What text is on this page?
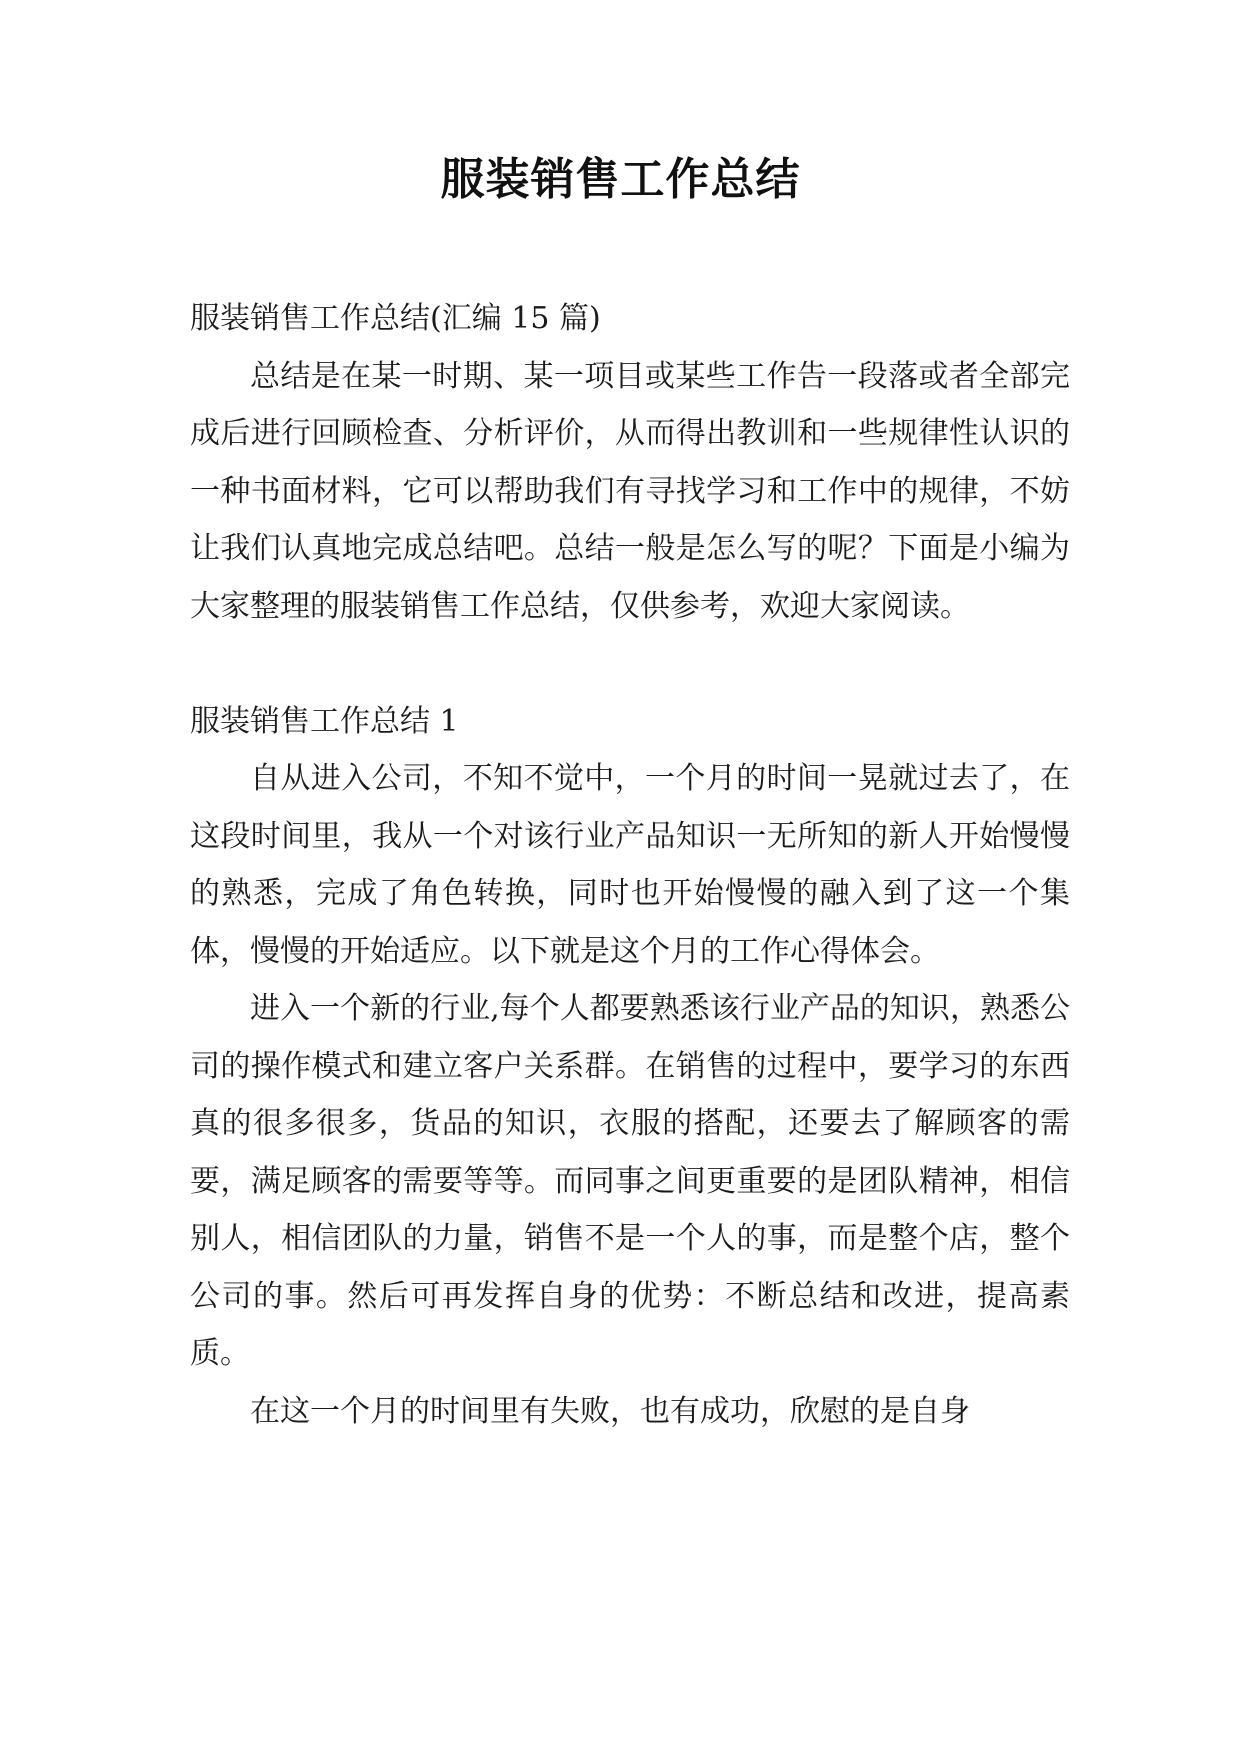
服装销售工作总结

服装销售工作总结(汇编 15 篇)

总结是在某一时期、某一项目或某些工作告一段落或者全部完成后进行回顾检查、分析评价，从而得出教训和一些规律性认识的一种书面材料，它可以帮助我们有寻找学习和工作中的规律，不妨让我们认真地完成总结吧。总结一般是怎么写的呢？下面是小编为大家整理的服装销售工作总结，仅供参考，欢迎大家阅读。

服装销售工作总结 1

自从进入公司，不知不觉中，一个月的时间一晃就过去了，在这段时间里，我从一个对该行业产品知识一无所知的新人开始慢慢的熟悉，完成了角色转换，同时也开始慢慢的融入到了这一个集体，慢慢的开始适应。以下就是这个月的工作心得体会。

进入一个新的行业,每个人都要熟悉该行业产品的知识，熟悉公司的操作模式和建立客户关系群。在销售的过程中，要学习的东西真的很多很多，货品的知识，衣服的搭配，还要去了解顾客的需要，满足顾客的需要等等。而同事之间更重要的是团队精神，相信别人，相信团队的力量，销售不是一个人的事，而是整个店，整个公司的事。然后可再发挥自身的优势：不断总结和改进，提高素质。

在这一个月的时间里有失败，也有成功，欣慰的是自身
